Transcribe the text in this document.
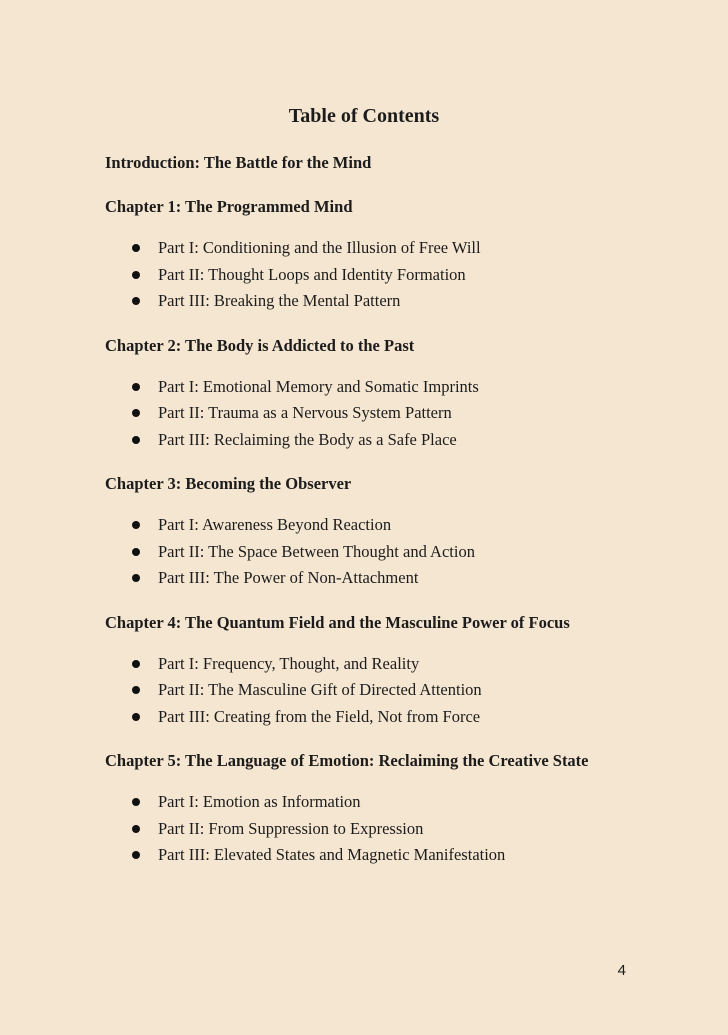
Table of Contents

Introduction: The Battle for the Mind

Chapter 1: The Programmed Mind

Part I: Conditioning and the Illusion of Free Will
Part II: Thought Loops and Identity Formation
Part III: Breaking the Mental Pattern

Chapter 2: The Body is Addicted to the Past

Part I: Emotional Memory and Somatic Imprints
Part II: Trauma as a Nervous System Pattern
Part III: Reclaiming the Body as a Safe Place

Chapter 3: Becoming the Observer

Part I: Awareness Beyond Reaction
Part II: The Space Between Thought and Action
Part III: The Power of Non-Attachment

Chapter 4: The Quantum Field and the Masculine Power of Focus

Part I: Frequency, Thought, and Reality
Part II: The Masculine Gift of Directed Attention
Part III: Creating from the Field, Not from Force

Chapter 5: The Language of Emotion: Reclaiming the Creative State

Part I: Emotion as Information
Part II: From Suppression to Expression
Part III: Elevated States and Magnetic Manifestation
4
